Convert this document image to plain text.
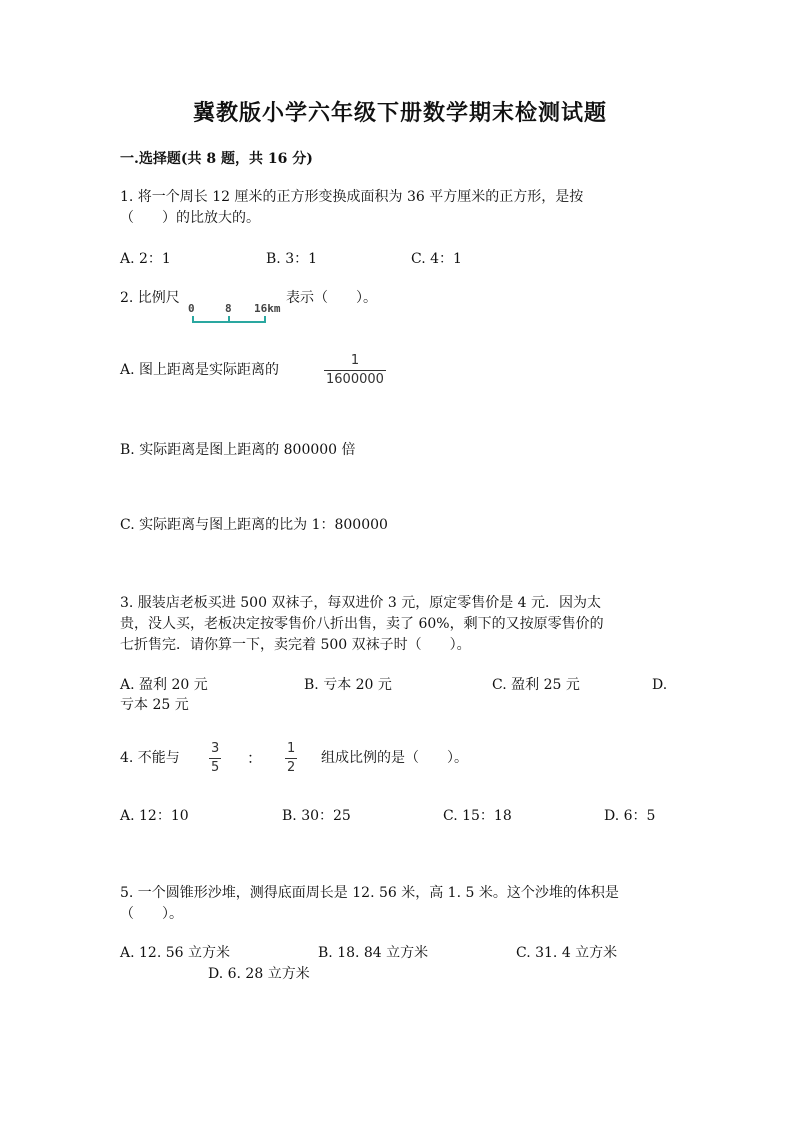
冀教版小学六年级下册数学期末检测试题
一.选择题(共 8 题，共 16 分)
1. 将一个周长 12 厘米的正方形变换成面积为 36 平方厘米的正方形，是按
（　　）的比放大的。
A. 2：1	B. 3：1	C. 4：1
2. 比例尺
0	8 16km
表示（　　）。
A. 图上距离是实际距离的
1
1600000
B. 实际距离是图上距离的 800000 倍
C. 实际距离与图上距离的比为 1：800000
3. 服装店老板买进 500 双袜子，每双进价 3 元，原定零售价是 4 元．因为太
贵，没人买，老板决定按零售价八折出售，卖了 60%，剩下的又按原零售价的
七折售完．请你算一下，卖完着 500 双袜子时（　　）。
A. 盈利 20 元	B. 亏本 20 元	C. 盈利 25 元	D.
亏本 25 元
4. 不能与
3
5
：
1
2
组成比例的是（　　）。
A. 12：10	B. 30：25	C. 15：18	D. 6：5
5. 一个圆锥形沙堆，测得底面周长是 12. 56 米，高 1. 5 米。这个沙堆的体积是
（　　）。
A. 12. 56 立方米	B. 18. 84 立方米	C. 31. 4 立方米
D. 6. 28 立方米
